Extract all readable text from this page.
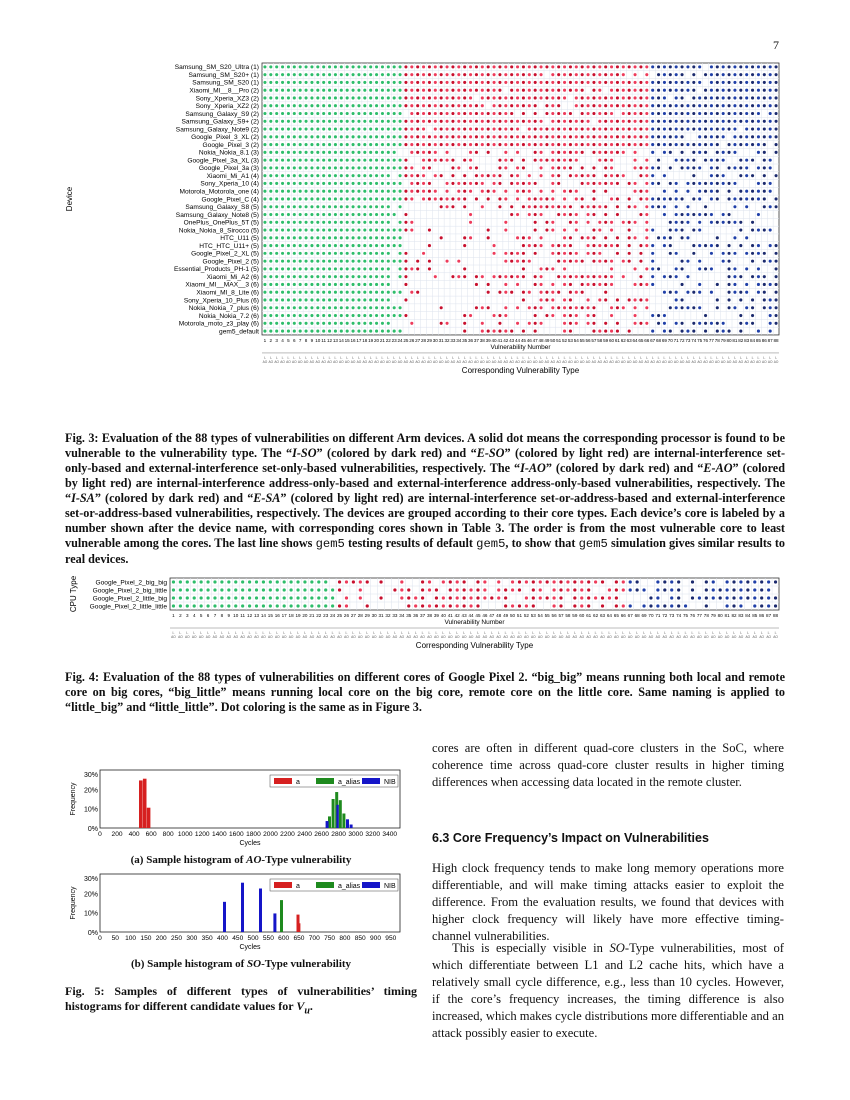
7
Samsung_SM_S20_Ultra (1)
Samsung_SM_S20+ (1)
Samsung_SM_S20 (1)
Xiaomi_MI__8__Pro (2)
Sony_Xperia_XZ3 (2)
Sony_Xperia_XZ2 (2)
Samsung_Galaxy_S9 (2)
Samsung_Galaxy_S9+ (2)
Samsung_Galaxy_Note9 (2)
Google_Pixel_3_XL (2)
Google_Pixel_3 (2)
Nokia_Nokia_8.1 (3)
Google_Pixel_3a_XL (3)
Google_Pixel_3a (3)
Xiaomi_Mi_A1 (4)
Sony_Xperia_10 (4)
Motorola_Motorola_one (4)
Google_Pixel_C (4)
Samsung_Galaxy_S8 (5)
Samsung_Galaxy_Note8 (5)
OnePlus_OnePlus_5T (5)
Nokia_Nokia_8_Sirocco (5)
HTC_U11 (5)
HTC_HTC_U11+ (5)
Google_Pixel_2_XL (5)
Google_Pixel_2 (5)
Essential_Products_PH-1 (5)
Xiaomi_Mi_A2 (6)
Xiaomi_MI__MAX__3 (6)
Xiaomi_MI_8_Lite (6)
Sony_Xperia_10_Plus (6)
Nokia_Nokia_7_plus (6)
Nokia_Nokia_7.2 (6)
Motorola_moto_z3_play (6)
gem5_default
1
I-
AO
2
I-
AO
3
I-
AO
4
I-
AO
5
I-
AO
6
I-
AO
7
I-
AO
8
I-
AO
9
I-
AO
10
I-
AO
11
I-
AO
12
I-
AO
13
I-
AO
14
I-
AO
15
I-
AO
16
I-
AO
17
I-
AO
18
I-
AO
19
I-
AO
20
I-
AO
21
I-
AO
22
I-
AO
23
I-
AO
24
I-
AO
25
I-
AO
26
I-
AO
27
I-
AO
28
I-
AO
29
I-
AO
30
I-
AO
31
I-
AO
32
I-
AO
33
I-
AO
34
I-
AO
35
I-
AO
36
I-
AO
37
I-
AO
38
I-
AO
39
I-
AO
40
I-
AO
41
I-
AO
42
I-
AO
43
I-
AO
44
I-
AO
45
I-
AO
46
I-
AO
47
I-
AO
48
I-
AO
49
I-
AO
50
I-
AO
51
I-
AO
52
I-
AO
53
I-
AO
54
I-
AO
55
I-
AO
56
I-
AO
57
I-
AO
58
I-
AO
59
I-
AO
60
I-
AO
61
I-
AO
62
I-
AO
63
I-
AO
64
I-
AO
65
I-
AO
66
I-
AO
67
I-
AO
68
I-
AO
69
I-
AO
70
I-
AO
71
I-
AO
72
I-
AO
73
I-
AO
74
I-
AO
75
I-
AO
76
I-
AO
77
I-
AO
78
I-
AO
79
I-
AO
80
I-
AO
81
I-
AO
82
I-
AO
83
I-
AO
84
I-
AO
85
I-
AO
86
I-
AO
87
I-
AO
88
I-
AO
Vulnerability Number
Corresponding Vulnerability Type
Device
Fig. 3: Evaluation of the 88 types of vulnerabilities on different Arm devices. A solid dot means the corresponding processor is found to be vulnerable to the vulnerability type. The “I-SO” (colored by dark red) and “E-SO” (colored by light red) are internal-interference set-only-based and external-interference set-only-based vulnerabilities, respectively. The “I-AO” (colored by dark red) and “E-AO” (colored by light red) are internal-interference address-only-based and external-interference address-only-based vulnerabilities, respectively. The “I-SA” (colored by dark red) and “E-SA” (colored by light red) are internal-interference set-or-address-based and external-interference set-or-address-based vulnerabilities, respectively. The devices are grouped according to their core types. Each device’s core is labeled by a number shown after the device name, with corresponding cores shown in Table 3. The order is from the most vulnerable core to least vulnerable among the cores. The last line shows gem5 testing results of default gem5, to show that gem5 simulation gives similar results to real devices.
Google_Pixel_2_big_big
Google_Pixel_2_big_little
Google_Pixel_2_little_big
Google_Pixel_2_little_little
1
I-
AO
2
I-
AO
3
I-
AO
4
I-
AO
5
I-
AO
6
I-
AO
7
I-
AO
8
I-
AO
9
I-
AO
10
I-
AO
11
I-
AO
12
I-
AO
13
I-
AO
14
I-
AO
15
I-
AO
16
I-
AO
17
I-
AO
18
I-
AO
19
I-
AO
20
I-
AO
21
I-
AO
22
I-
AO
23
I-
AO
24
I-
AO
25
I-
AO
26
I-
AO
27
I-
AO
28
I-
AO
29
I-
AO
30
I-
AO
31
I-
AO
32
I-
AO
33
I-
AO
34
I-
AO
35
I-
AO
36
I-
AO
37
I-
AO
38
I-
AO
39
I-
AO
40
I-
AO
41
I-
AO
42
I-
AO
43
I-
AO
44
I-
AO
45
I-
AO
46
I-
AO
47
I-
AO
48
I-
AO
49
I-
AO
50
I-
AO
51
I-
AO
52
I-
AO
53
I-
AO
54
I-
AO
55
I-
AO
56
I-
AO
57
I-
AO
58
I-
AO
59
I-
AO
60
I-
AO
61
I-
AO
62
I-
AO
63
I-
AO
64
I-
AO
65
I-
AO
66
I-
AO
67
I-
AO
68
I-
AO
69
I-
AO
70
I-
AO
71
I-
AO
72
I-
AO
73
I-
AO
74
I-
AO
75
I-
AO
76
I-
AO
77
I-
AO
78
I-
AO
79
I-
AO
80
I-
AO
81
I-
AO
82
I-
AO
83
I-
AO
84
I-
AO
85
I-
AO
86
I-
AO
87
I-
AO
88
I-
AO
Vulnerability Number
Corresponding Vulnerability Type
CPU Type
Fig. 4: Evaluation of the 88 types of vulnerabilities on different cores of Google Pixel 2. “big_big” means running both local and remote core on big cores, “big_little” means running local core on the big core, remote core on the little core. Same naming is applied to “little_big” and “little_little”. Dot coloring is the same as in Figure 3.
30%
20%
10%
0%
0 200 400 600 800 1000 1200 1400 1600 1800 2000 2200 2400 2600 2800 3000 3200 3400
Cycles
Frequency	a	a_alias	NIB
(a) Sample histogram of AO-Type vulnerability
30%
20%
10%
0%
0 50 100 150 200 250 300 350 400 450 500 550 600 650 700 750 800 850 900 950
Cycles
Frequency	a	a_alias	NIB
(b) Sample histogram of SO-Type vulnerability
Fig. 5: Samples of different types of vulnerabilities’ timing histograms for different candidate values for $V_u$.
cores are often in different quad-core clusters in the SoC, where coherence time across quad-core cluster results in higher timing differences when accessing data located in the remote cluster.
6.3 Core Frequency’s Impact on Vulnerabilities
High clock frequency tends to make long memory operations more differentiable, and will make timing attacks easier to exploit the difference. From the evaluation results, we found that devices with higher clock frequency will likely have more effective timing-channel vulnerabilities.
This is especially visible in SO-Type vulnerabilities, most of which differentiate between L1 and L2 cache hits, which have a relatively small cycle difference, e.g., less than 10 cycles. However, if the core’s frequency increases, the timing difference is also increased, which makes cycle distributions more differentiable and an attack possibly easier to execute.
